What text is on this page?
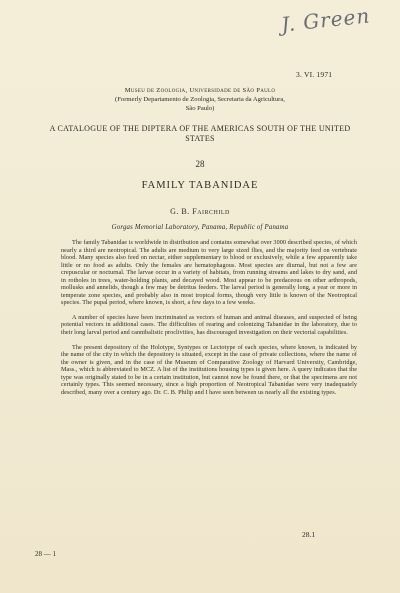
J. Green
3. VI. 1971
Museu de Zoologia, Universidade de São Paulo
(Formerly Departamento de Zoologia, Secretaria da Agricultura,
São Paulo)
A CATALOGUE OF THE DIPTERA OF THE AMERICAS SOUTH OF THE UNITED STATES
28
FAMILY TABANIDAE
G. B. Fairchild
Gorgas Memorial Laboratory, Panama, Republic of Panama

The family Tabanidae is worldwide in distribution and contains somewhat over 3000 described species, of which nearly a third are neotropical. The adults are medium to very large sized flies, and the majority feed on vertebrate blood. Many species also feed on nectar, either supplementary to blood or exclusively, while a few apparently take little or no food as adults. Only the females are hematophagous. Most species are diurnal, but not a few are crepuscular or nocturnal. The larvae occur in a variety of habitats, from running streams and lakes to dry sand, and in rotholes in trees, water-holding plants, and decayed wood. Most appear to be predaceous on other arthropods, mollusks and annelids, though a few may be detritus feeders. The larval period is generally long, a year or more in temperate zone species, and probably also in most tropical forms, though very little is known of the Neotropical species. The pupal period, where known, is short, a few days to a few weeks.

A number of species have been incriminated as vectors of human and animal diseases, and suspected of being potential vectors in additional cases. The difficulties of rearing and colonizing Tabanidae in the laboratory, due to their long larval period and cannibalistic proclivities, has discouraged investigation on their vectorial capabilities.

The present depository of the Holotype, Syntypes or Lectotype of each species, where known, is indicated by the name of the city in which the depository is situated, except in the case of private collections, where the name of the owner is given, and in the case of the Museum of Comparative Zoology of Harvard University, Cambridge, Mass., which is abbreviated to MCZ. A list of the institutions housing types is given here. A query indicates that the type was originally stated to be in a certain institution, but cannot now be found there, or that the specimens are not certainly types. This seemed necessary, since a high proportion of Neotropical Tabanidae were very inadequately described, many over a century ago. Dr. C. B. Philip and I have seen between us nearly all the existing types.

28.1
28 — 1
